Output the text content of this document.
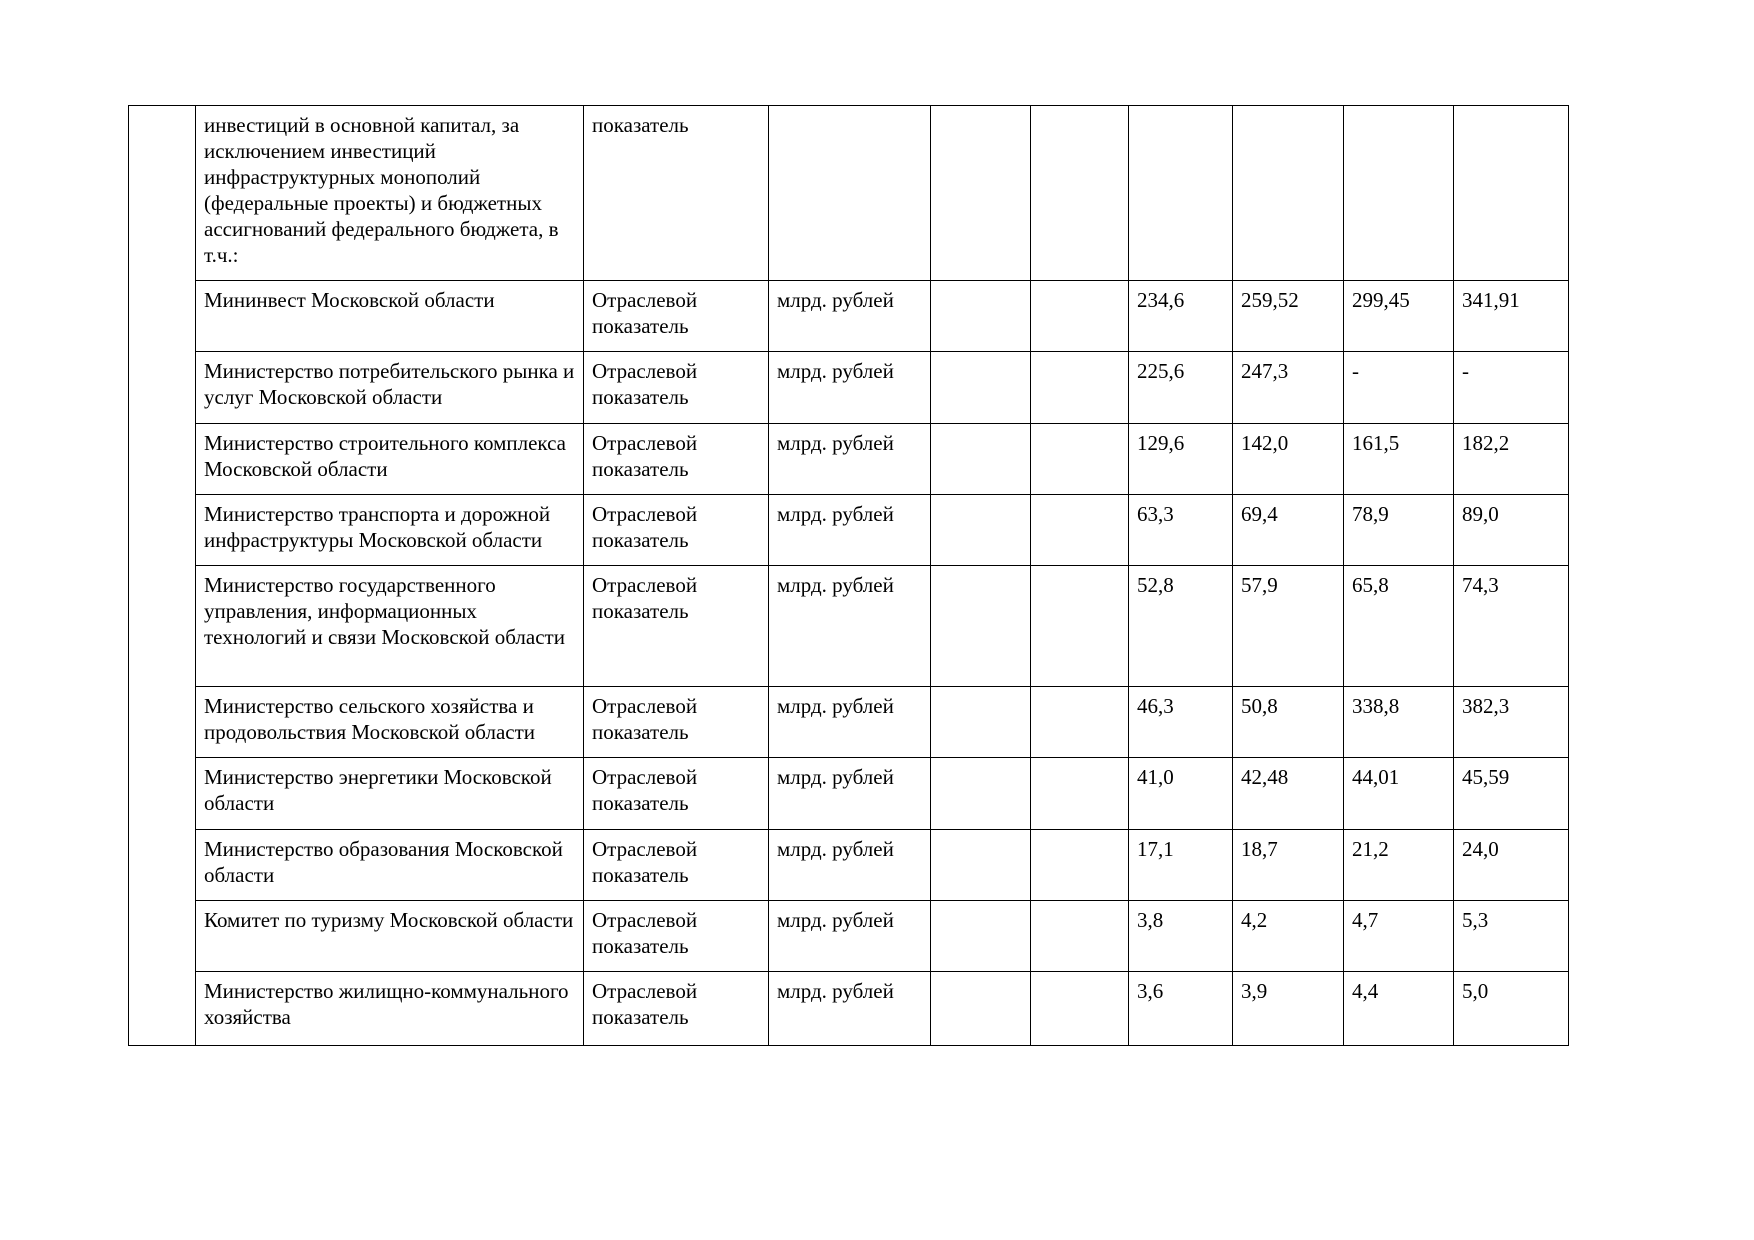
	инвестиций в основной капитал, за исключением инвестиций инфраструктурных монополий (федеральные проекты) и бюджетных ассигнований федерального бюджета, в т.ч.:	показатель							
	Мининвест Московской области	Отраслевой показатель	млрд. рублей			234,6	259,52	299,45	341,91
	Министерство потребительского рынка и услуг Московской области	Отраслевой показатель	млрд. рублей			225,6	247,3	-	-
	Министерство строительного комплекса Московской области	Отраслевой показатель	млрд. рублей			129,6	142,0	161,5	182,2
	Министерство транспорта и дорожной инфраструктуры Московской области	Отраслевой показатель	млрд. рублей			63,3	69,4	78,9	89,0
	Министерство государственного управления, информационных технологий и связи Московской области	Отраслевой показатель	млрд. рублей			52,8	57,9	65,8	74,3
	Министерство сельского хозяйства и продовольствия Московской области	Отраслевой показатель	млрд. рублей			46,3	50,8	338,8	382,3
	Министерство энергетики Московской области	Отраслевой показатель	млрд. рублей			41,0	42,48	44,01	45,59
	Министерство образования Московской области	Отраслевой показатель	млрд. рублей			17,1	18,7	21,2	24,0
	Комитет по туризму Московской области	Отраслевой показатель	млрд. рублей			3,8	4,2	4,7	5,3
	Министерство жилищно-коммунального хозяйства	Отраслевой показатель	млрд. рублей			3,6	3,9	4,4	5,0
